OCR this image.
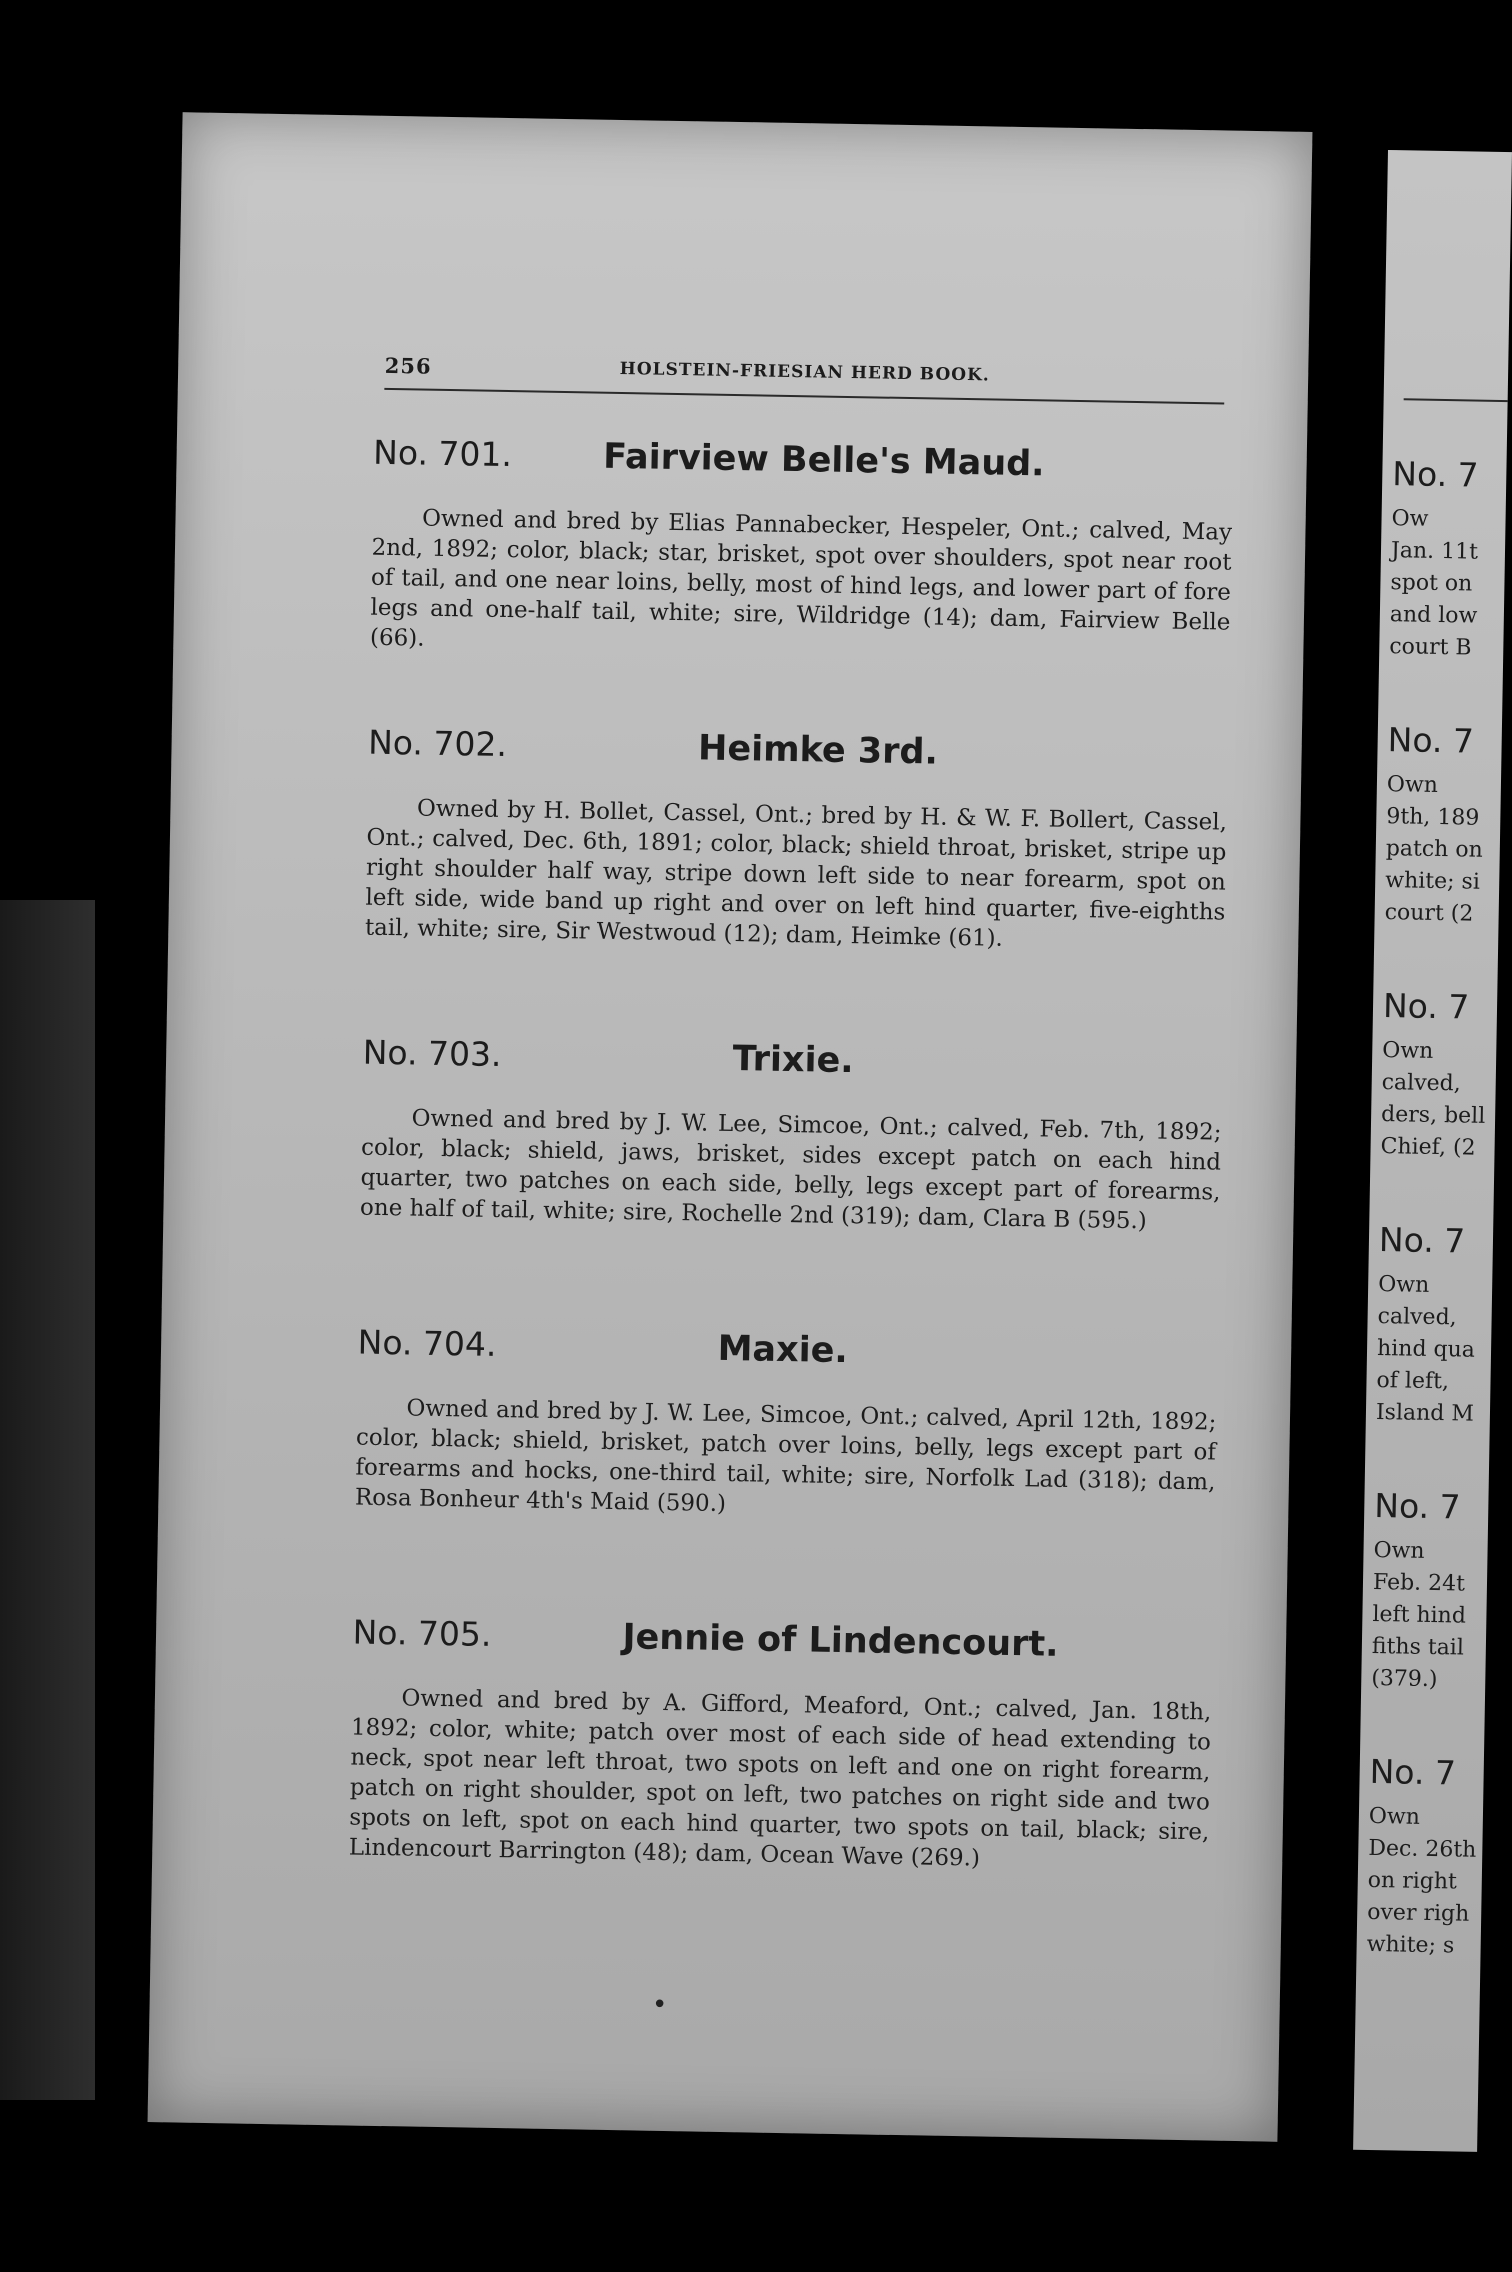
256	HOLSTEIN-FRIESIAN HERD BOOK.
No. 701.	Fairview Belle's Maud.

Owned and bred by Elias Pannabecker, Hespeler, Ont.; calved, May 2nd, 1892; color, black; star, brisket, spot over shoulders, spot near root of tail, and one near loins, belly, most of hind legs, and lower part of fore legs and one-half tail, white; sire, Wildridge (14); dam, Fairview Belle (66).

No. 702.	Heimke 3rd.

Owned by H. Bollet, Cassel, Ont.; bred by H. & W. F. Bollert, Cassel, Ont.; calved, Dec. 6th, 1891; color, black; shield throat, brisket, stripe up right shoulder half way, stripe down left side to near forearm, spot on left side, wide band up right and over on left hind quarter, five-eighths tail, white; sire, Sir Westwoud (12); dam, Heimke (61).

No. 703.	Trixie.

Owned and bred by J. W. Lee, Simcoe, Ont.; calved, Feb. 7th, 1892; color, black; shield, jaws, brisket, sides except patch on each hind quarter, two patches on each side, belly, legs except part of forearms, one half of tail, white; sire, Rochelle 2nd (319); dam, Clara B (595.)

No. 704.	Maxie.

Owned and bred by J. W. Lee, Simcoe, Ont.; calved, April 12th, 1892; color, black; shield, brisket, patch over loins, belly, legs except part of forearms and hocks, one-third tail, white; sire, Norfolk Lad (318); dam, Rosa Bonheur 4th's Maid (590.)

No. 705.	Jennie of Lindencourt.

Owned and bred by A. Gifford, Meaford, Ont.; calved, Jan. 18th, 1892; color, white; patch over most of each side of head extending to neck, spot near left throat, two spots on left and one on right forearm, patch on right shoulder, spot on left, two patches on right side and two spots on left, spot on each hind quarter, two spots on tail, black; sire, Lindencourt Barrington (48); dam, Ocean Wave (269.)

No. 7
Ow
Jan. 11t
spot on
and low
court B
No. 7
Own
9th, 189
patch on
white; si
court (2
No. 7
Own
calved,
ders, bell
Chief, (2
No. 7
Own
calved,
hind qua
of left,
Island M
No. 7
Own
Feb. 24t
left hind
fiths tail
(379.)
No. 7
Own
Dec. 26th
on right
over righ
white; s
•
